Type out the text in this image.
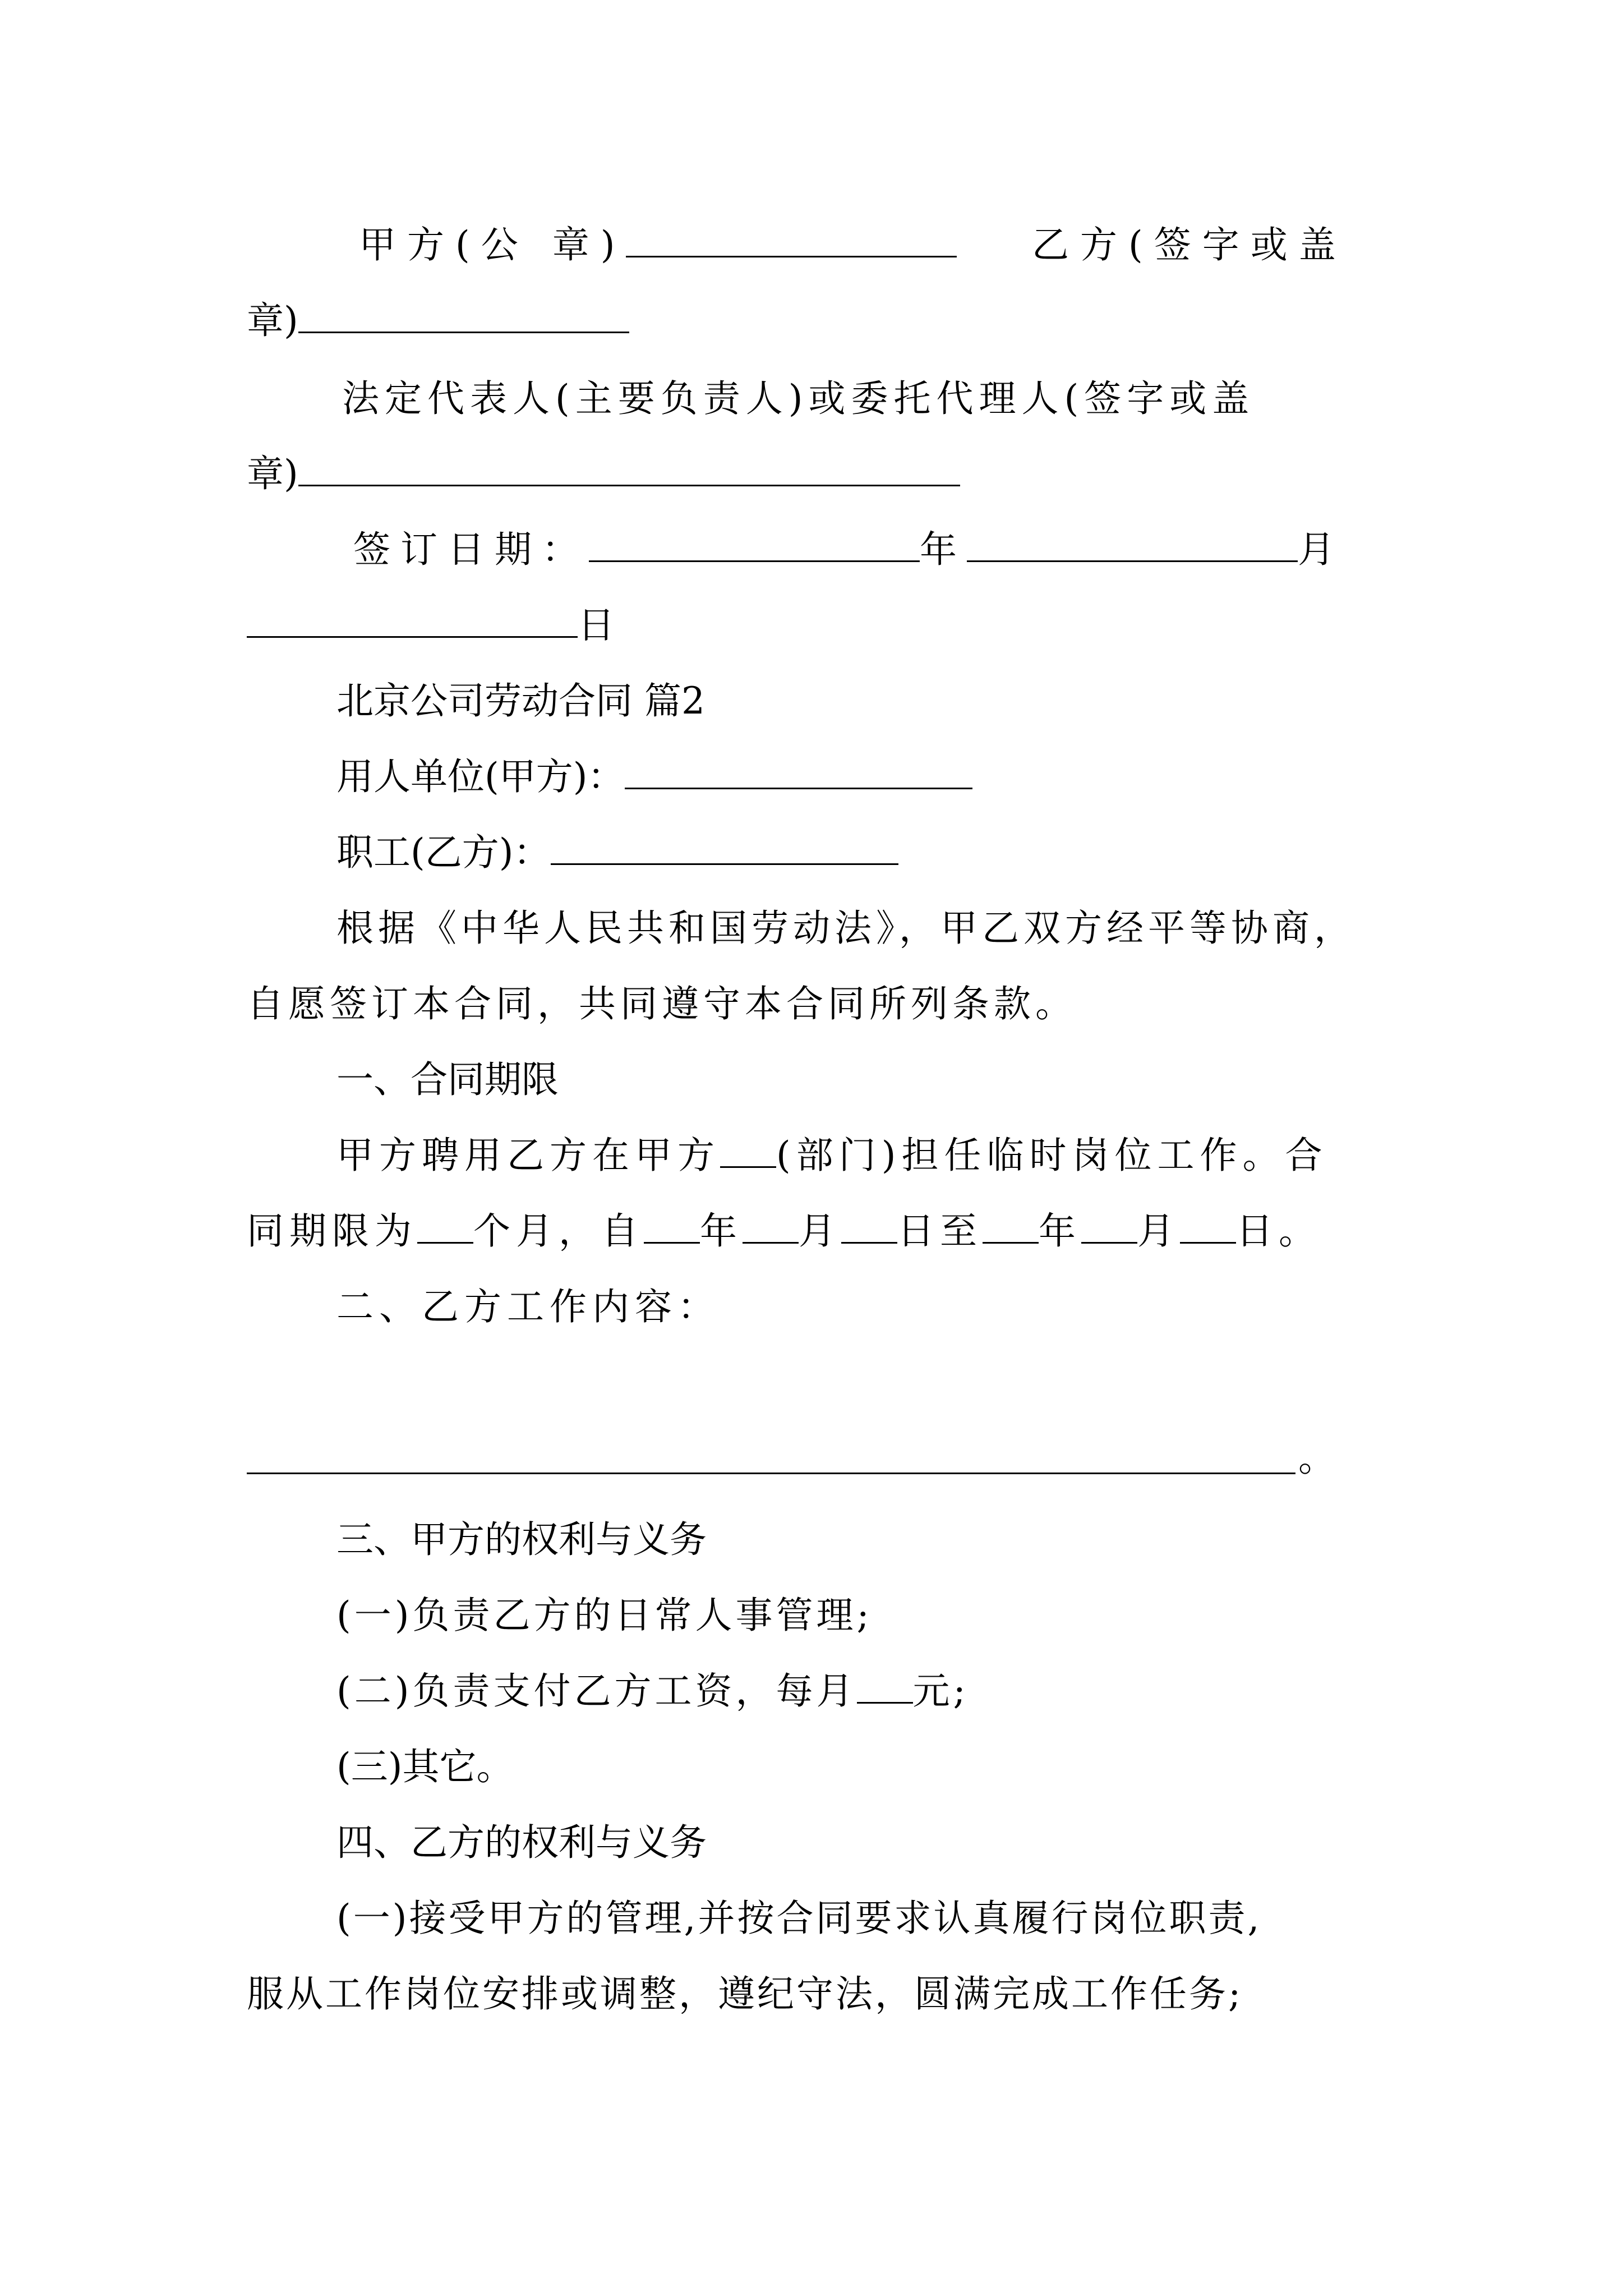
甲方(公 章)	乙方(签字或盖
章)
法定代表人(主要负责人)或委托代理人(签字或盖
章)
签订日期：	年	月
日
北京公司劳动合同 篇2
用人单位(甲方)：
职工(乙方)：
根据《中华人民共和国劳动法》，甲乙双方经平等协商，
自愿签订本合同，共同遵守本合同所列条款。
一、合同期限
甲方聘用乙方在甲方 (部门)担任临时岗位工作。合
同期限为 个月，自 年 月 日至 年 月 日。
二、乙方工作内容：
。
三、甲方的权利与义务
(一)负责乙方的日常人事管理;
(二)负责支付乙方工资，每月 元;
(三)其它。
四、乙方的权利与义务
(一)接受甲方的管理,并按合同要求认真履行岗位职责,
服从工作岗位安排或调整，遵纪守法，圆满完成工作任务;
